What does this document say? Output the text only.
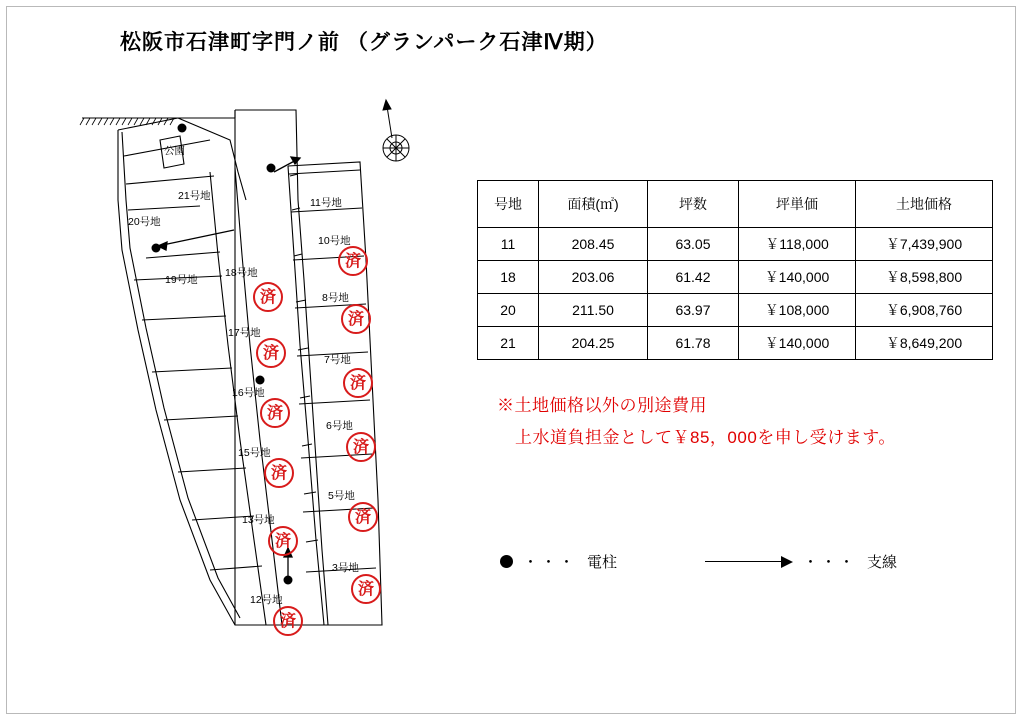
松阪市石津町字門ノ前 （グランパーク石津Ⅳ期）
公園
21号地
20号地
19号地
18号地
17号地
16号地
15号地
13号地
12号地
11号地
10号地
8号地
7号地
6号地
5号地
3号地
済
済
済
済
済
済
済
済
済
済
済
済
号地	面積(㎡)	坪数	坪単価	土地価格
11	208.45	63.05	￥118,000	￥7,439,900
18	203.06	61.42	￥140,000	￥8,598,800
20	211.50	63.97	￥108,000	￥6,908,760
21	204.25	61.78	￥140,000	￥8,649,200
※土地価格以外の別途費用
上水道負担金として￥85，000を申し受けます。
・・・ 電柱	・・・ 支線
